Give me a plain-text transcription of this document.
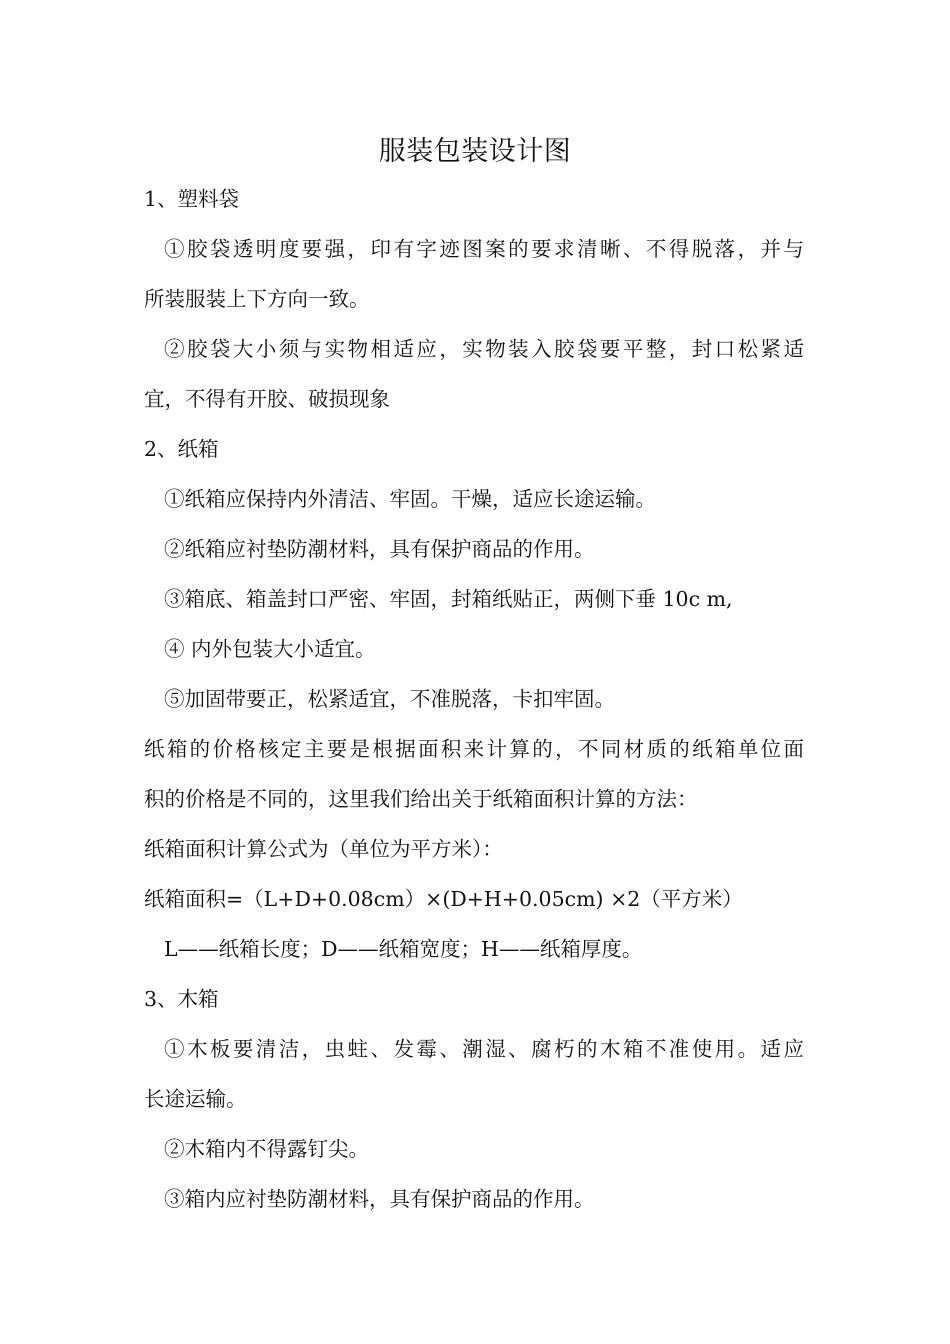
服装包装设计图
1、塑料袋
①胶袋透明度要强，印有字迹图案的要求清晰、不得脱落，并与
所装服装上下方向一致。
②胶袋大小须与实物相适应，实物装入胶袋要平整，封口松紧适
宜，不得有开胶、破损现象
2、纸箱
①纸箱应保持内外清洁、牢固。干燥，适应长途运输。
②纸箱应衬垫防潮材料，具有保护商品的作用。
③箱底、箱盖封口严密、牢固，封箱纸贴正，两侧下垂 10c m,
④ 内外包装大小适宜。
⑤加固带要正，松紧适宜，不准脱落，卡扣牢固。
纸箱的价格核定主要是根据面积来计算的，不同材质的纸箱单位面
积的价格是不同的，这里我们给出关于纸箱面积计算的方法：
纸箱面积计算公式为（单位为平方米）：
纸箱面积=（L+D+0.08cm）×(D+H+0.05cm) ×2（平方米）
L——纸箱长度；D——纸箱宽度；H——纸箱厚度。
3、木箱
①木板要清洁，虫蛀、发霉、潮湿、腐朽的木箱不准使用。适应
长途运输。
②木箱内不得露钉尖。
③箱内应衬垫防潮材料，具有保护商品的作用。
